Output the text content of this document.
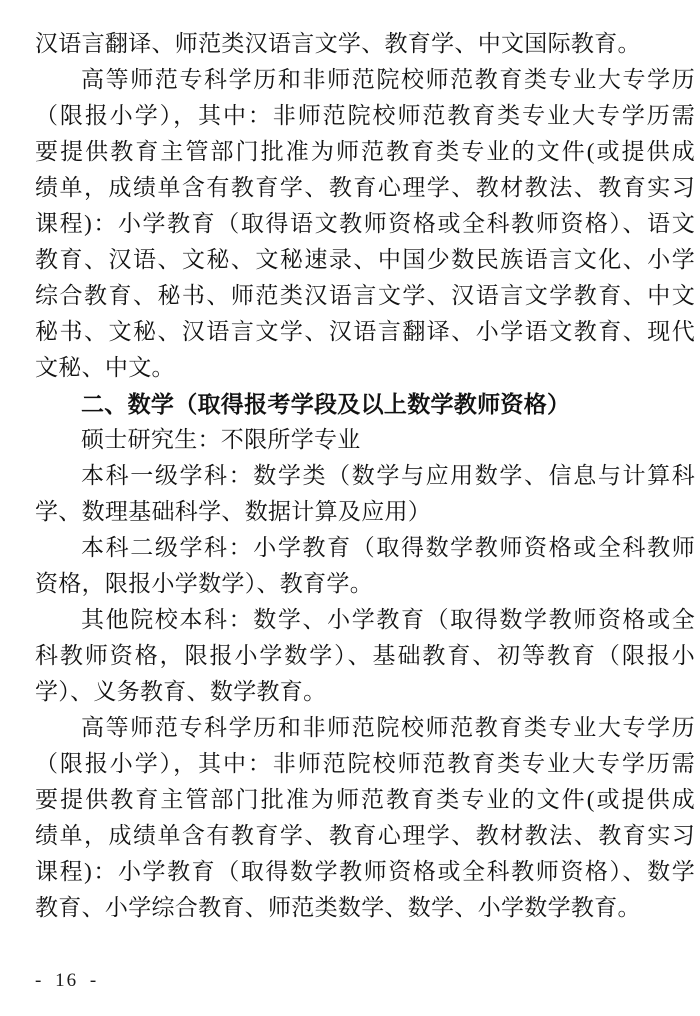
汉语言翻译、师范类汉语言文学、教育学、中文国际教育。
高等师范专科学历和非师范院校师范教育类专业大专学历
（限报小学），其中：非师范院校师范教育类专业大专学历需
要提供教育主管部门批准为师范教育类专业的文件(或提供成
绩单，成绩单含有教育学、教育心理学、教材教法、教育实习
课程)：小学教育（取得语文教师资格或全科教师资格）、语文
教育、汉语、文秘、文秘速录、中国少数民族语言文化、小学
综合教育、秘书、师范类汉语言文学、汉语言文学教育、中文
秘书、文秘、汉语言文学、汉语言翻译、小学语文教育、现代
文秘、中文。
二、数学（取得报考学段及以上数学教师资格）
硕士研究生：不限所学专业
本科一级学科：数学类（数学与应用数学、信息与计算科
学、数理基础科学、数据计算及应用）
本科二级学科：小学教育（取得数学教师资格或全科教师
资格，限报小学数学）、教育学。
其他院校本科：数学、小学教育（取得数学教师资格或全
科教师资格，限报小学数学）、基础教育、初等教育（限报小
学）、义务教育、数学教育。
高等师范专科学历和非师范院校师范教育类专业大专学历
（限报小学），其中：非师范院校师范教育类专业大专学历需
要提供教育主管部门批准为师范教育类专业的文件(或提供成
绩单，成绩单含有教育学、教育心理学、教材教法、教育实习
课程)：小学教育（取得数学教师资格或全科教师资格）、数学
教育、小学综合教育、师范类数学、数学、小学数学教育。
- 16 -
